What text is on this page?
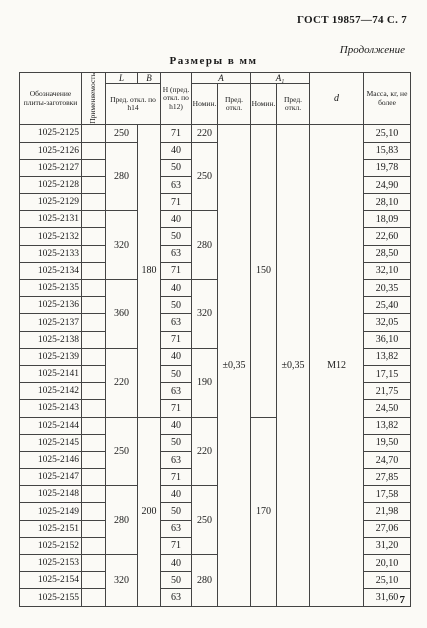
ГОСТ 19857—74 С. 7
Продолжение
Размеры в мм
Обозначение плиты-заготовки	Применяемость	L	B	H (пред. откл. по h12)	A		A₁		d	Масса, кг, не более
		Пред. откл. по h14			Номин.	Пред. откл.	Номин.	Пред. откл.		
1025-2125		250	180	71	220	±0,35	150	±0,35	M12	25,10
1025-2126		280		40	250					15,83
1025-2127				50						19,78
1025-2128				63						24,90
1025-2129				71						28,10
1025-2131		320		40	280					18,09
1025-2132				50						22,60
1025-2133				63						28,50
1025-2134				71						32,10
1025-2135		360		40	320					20,35
1025-2136				50						25,40
1025-2137				63						32,05
1025-2138				71						36,10
1025-2139		220		40	190					13,82
1025-2141				50						17,15
1025-2142				63						21,75
1025-2143				71						24,50
1025-2144		250	200	40	220		170			13,82
1025-2145				50						19,50
1025-2146				63						24,70
1025-2147				71						27,85
1025-2148		280		40	250					17,58
1025-2149				50						21,98
1025-2151				63						27,06
1025-2152				71						31,20
1025-2153		320		40	280					20,10
1025-2154				50						25,10
1025-2155				63						31,60 7
